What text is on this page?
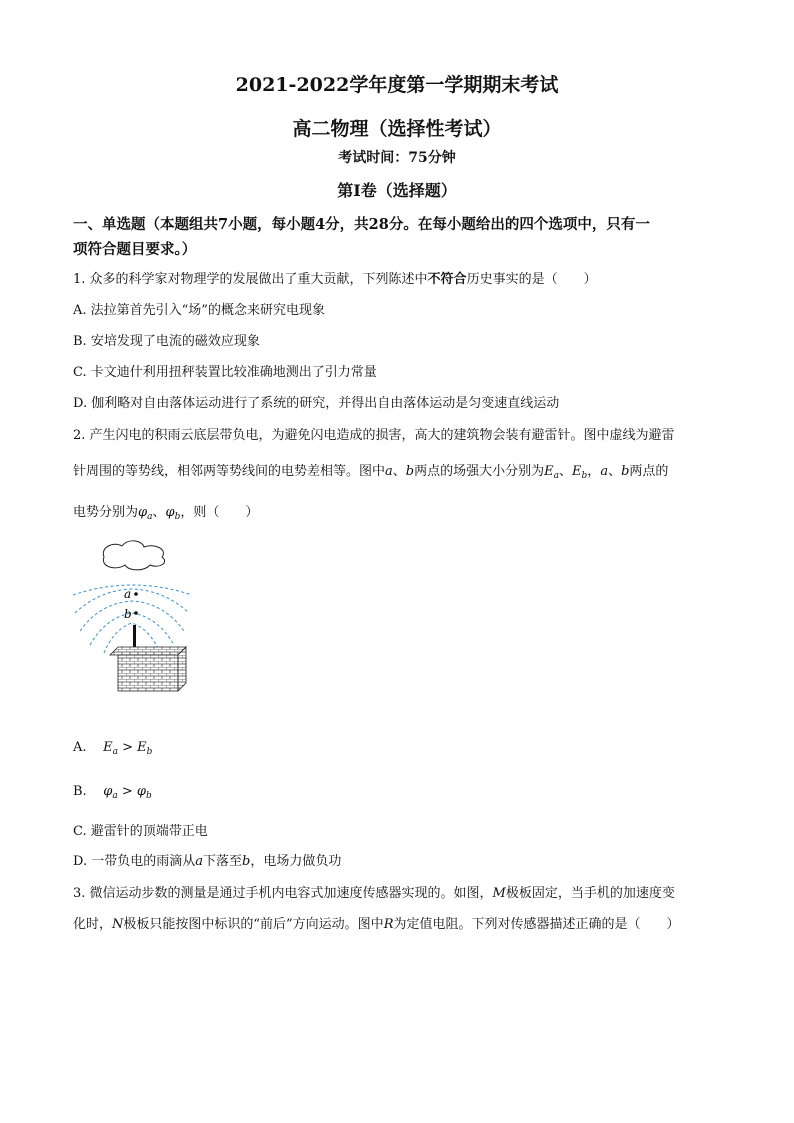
2021-2022学年度第一学期期末考试
高二物理（选择性考试）
考试时间：75分钟
第Ⅰ卷（选择题）
一、单选题（本题组共7小题，每小题4分，共28分。在每小题给出的四个选项中，只有一
项符合题目要求。）
1. 众多的科学家对物理学的发展做出了重大贡献，下列陈述中不符合历史事实的是（　　）
A. 法拉第首先引入“场”的概念来研究电现象
B. 安培发现了电流的磁效应现象
C. 卡文迪什利用扭秤装置比较准确地测出了引力常量
D. 伽利略对自由落体运动进行了系统的研究，并得出自由落体运动是匀变速直线运动
2. 产生闪电的积雨云底层带负电，为避免闪电造成的损害，高大的建筑物会装有避雷针。图中虚线为避雷
针周围的等势线，相邻两等势线间的电势差相等。图中a、b两点的场强大小分别为$E_a$、$E_b$，a、b两点的
电势分别为$\varphi_a$、$\varphi_b$，则（　　）
a
b
A. $E_a > E_b$
B. $\varphi_a > \varphi_b$
C. 避雷针的顶端带正电
D. 一带负电的雨滴从a下落至b，电场力做负功
3. 微信运动步数的测量是通过手机内电容式加速度传感器实现的。如图，M极板固定，当手机的加速度变
化时，N极板只能按图中标识的“前后”方向运动。图中R为定值电阻。下列对传感器描述正确的是（　　）
